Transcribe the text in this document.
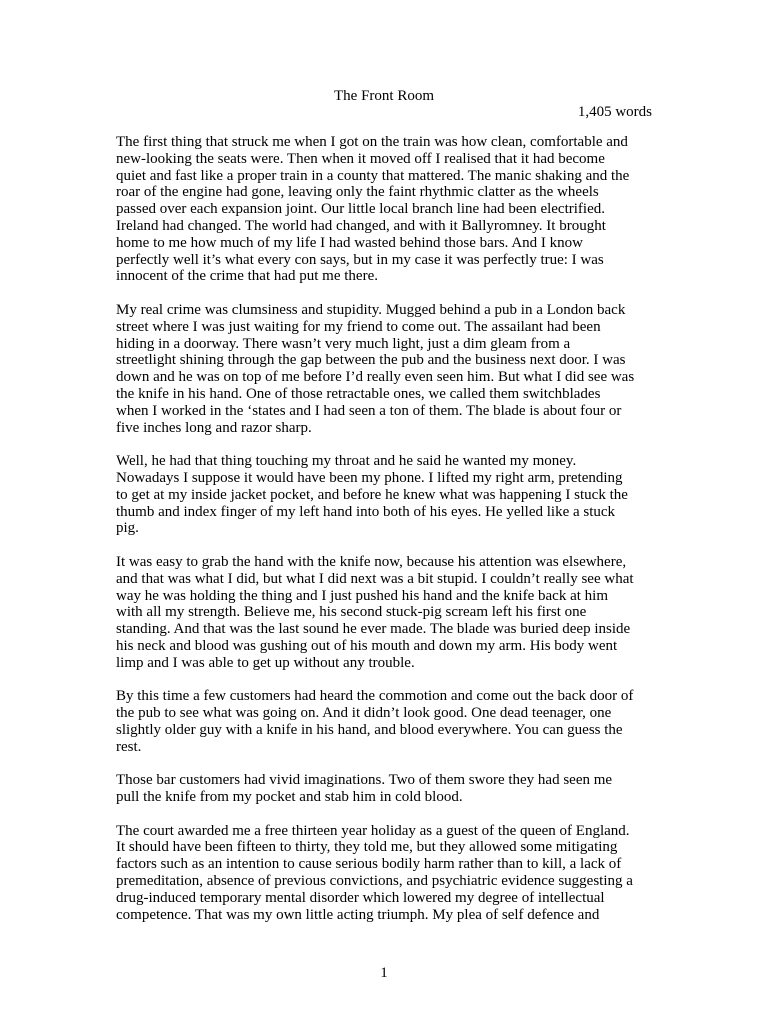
The Front Room
1,405 words

The first thing that struck me when I got on the train was how clean, comfortable and
new-looking the seats were. Then when it moved off I realised that it had become
quiet and fast like a proper train in a county that mattered. The manic shaking and the
roar of the engine had gone, leaving only the faint rhythmic clatter as the wheels
passed over each expansion joint. Our little local branch line had been electrified.
Ireland had changed. The world had changed, and with it Ballyromney. It brought
home to me how much of my life I had wasted behind those bars. And I know
perfectly well it’s what every con says, but in my case it was perfectly true: I was
innocent of the crime that had put me there.

My real crime was clumsiness and stupidity. Mugged behind a pub in a London back
street where I was just waiting for my friend to come out. The assailant had been
hiding in a doorway. There wasn’t very much light, just a dim gleam from a
streetlight shining through the gap between the pub and the business next door. I was
down and he was on top of me before I’d really even seen him. But what I did see was
the knife in his hand. One of those retractable ones, we called them switchblades
when I worked in the ‘states and I had seen a ton of them. The blade is about four or
five inches long and razor sharp.

Well, he had that thing touching my throat and he said he wanted my money.
Nowadays I suppose it would have been my phone. I lifted my right arm, pretending
to get at my inside jacket pocket, and before he knew what was happening I stuck the
thumb and index finger of my left hand into both of his eyes. He yelled like a stuck
pig.

It was easy to grab the hand with the knife now, because his attention was elsewhere,
and that was what I did, but what I did next was a bit stupid. I couldn’t really see what
way he was holding the thing and I just pushed his hand and the knife back at him
with all my strength. Believe me, his second stuck-pig scream left his first one
standing. And that was the last sound he ever made. The blade was buried deep inside
his neck and blood was gushing out of his mouth and down my arm. His body went
limp and I was able to get up without any trouble.

By this time a few customers had heard the commotion and come out the back door of
the pub to see what was going on. And it didn’t look good. One dead teenager, one
slightly older guy with a knife in his hand, and blood everywhere. You can guess the
rest.

Those bar customers had vivid imaginations. Two of them swore they had seen me
pull the knife from my pocket and stab him in cold blood.

The court awarded me a free thirteen year holiday as a guest of the queen of England.
It should have been fifteen to thirty, they told me, but they allowed some mitigating
factors such as an intention to cause serious bodily harm rather than to kill, a lack of
premeditation, absence of previous convictions, and psychiatric evidence suggesting a
drug-induced temporary mental disorder which lowered my degree of intellectual
competence. That was my own little acting triumph. My plea of self defence and

1
